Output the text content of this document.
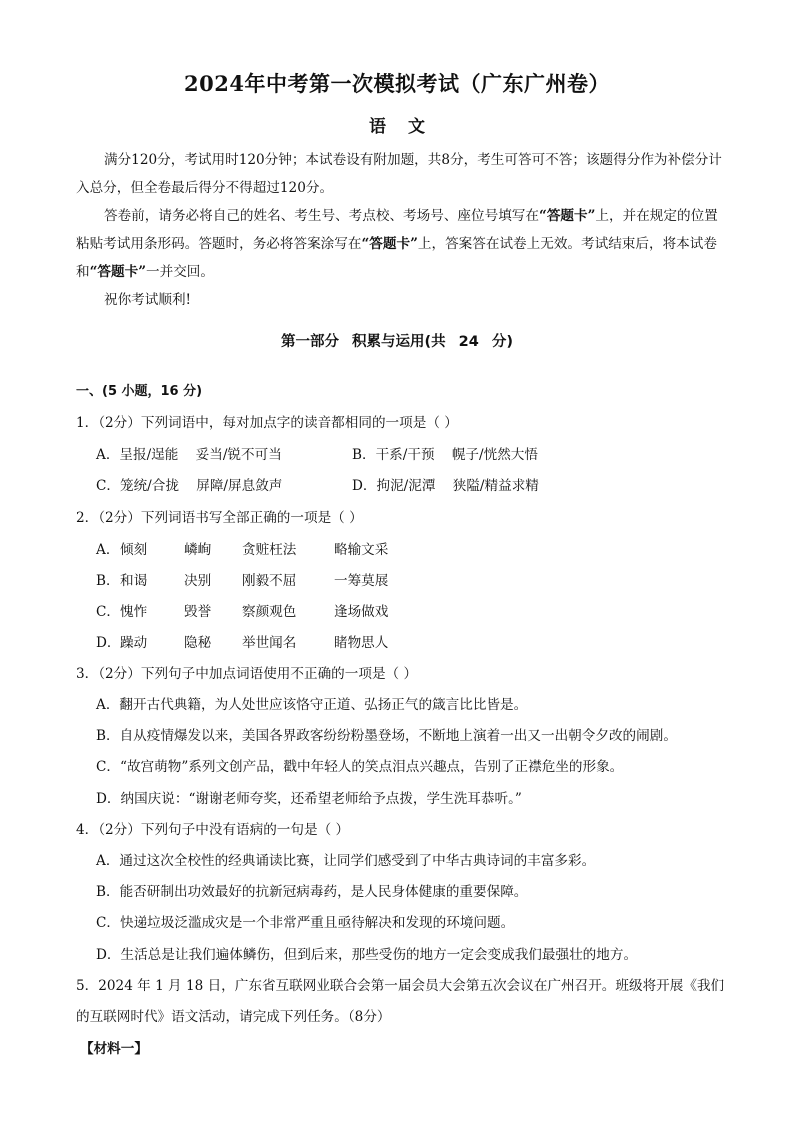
2024年中考第一次模拟考试（广东广州卷）
语文
满分120分，考试用时120分钟；本试卷设有附加题，共8分，考生可答可不答；该题得分作为补偿分计入总分，但全卷最后得分不得超过120分。
答卷前，请务必将自己的姓名、考生号、考点校、考场号、座位号填写在“答题卡”上，并在规定的位置粘贴考试用条形码。答题时，务必将答案涂写在“答题卡”上，答案答在试卷上无效。考试结束后，将本试卷和“答题卡”一并交回。
祝你考试顺利!
第一部分 积累与运用(共 24 分)
一、(5 小题，16 分)
1．（2分）下列词语中，每对加点字的读音都相同的一项是（ ）
A．呈报/逞能    妥当/锐不可当	B．干系/干预    幌子/恍然大悟
C．笼统/合拢    屏障/屏息敛声	D．拘泥/泥潭    狭隘/精益求精
2．（2分）下列词语书写全部正确的一项是（ ）
A．倾刻	嶙峋 贪赃枉法	略输文采
B．和谒	决别 刚毅不屈	一筹莫展
C．愧怍	毁誉 察颜观色	逢场做戏
D．躁动	隐秘 举世闻名	睹物思人
3．（2分）下列句子中加点词语使用不正确的一项是（ ）
A．翻开古代典籍，为人处世应该恪守正道、弘扬正气的箴言比比皆是。
B．自从疫情爆发以来，美国各界政客纷纷粉墨登场，不断地上演着一出又一出朝令夕改的闹剧。
C．“故宫萌物”系列文创产品，戳中年轻人的笑点泪点兴趣点，告别了正襟危坐的形象。
D．纳国庆说：“谢谢老师夸奖，还希望老师给予点拨，学生洗耳恭听。”
4．（2分）下列句子中没有语病的一句是（ ）
A．通过这次全校性的经典诵读比赛，让同学们感受到了中华古典诗词的丰富多彩。
B．能否研制出功效最好的抗新冠病毒药，是人民身体健康的重要保障。
C．快递垃圾泛滥成灾是一个非常严重且亟待解决和发现的环境问题。
D．生活总是让我们遍体鳞伤，但到后来，那些受伤的地方一定会变成我们最强壮的地方。
5．2024 年 1 月 18 日，广东省互联网业联合会第一届会员大会第五次会议在广州召开。班级将开展《我们
的互联网时代》语文活动，请完成下列任务。（8分）
【材料一】
